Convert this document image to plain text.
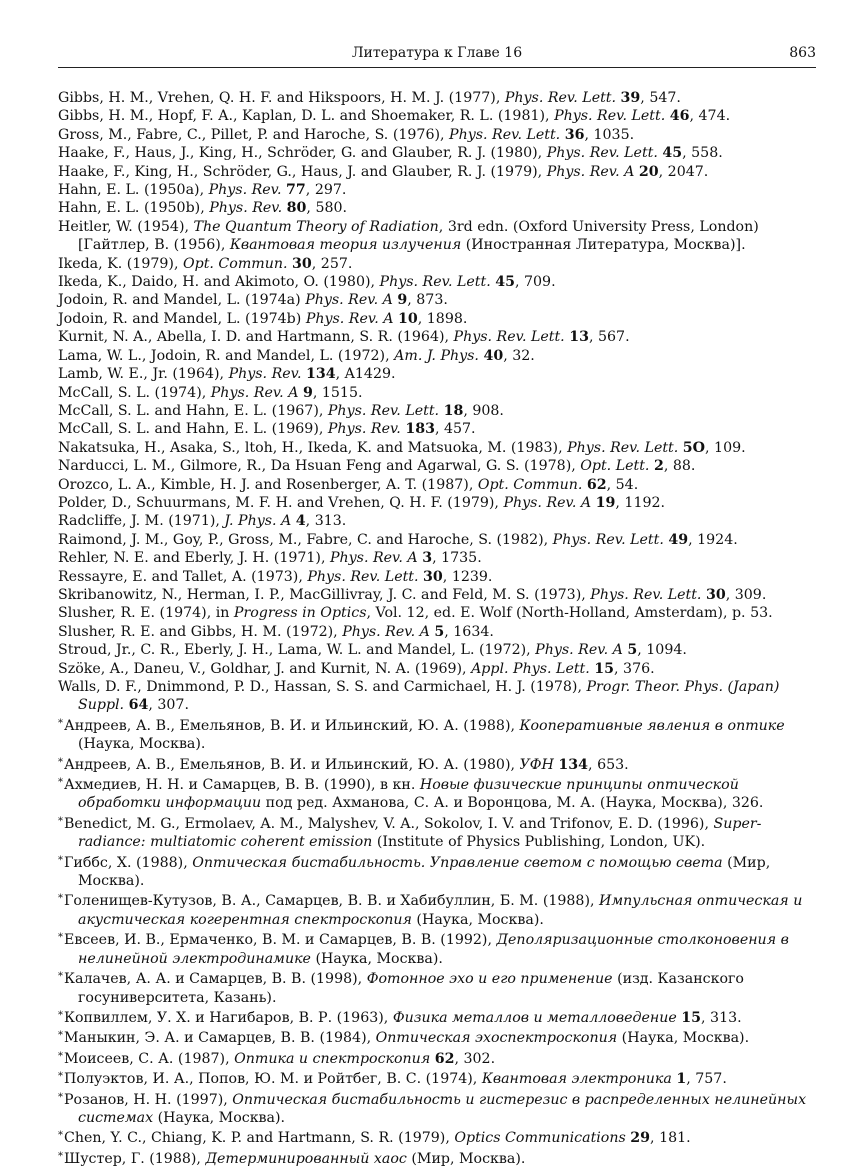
Литература к Главе 16	863

Gibbs, H. M., Vrehen, Q. H. F. and Hikspoors, H. M. J. (1977), Phys. Rev. Lett. 39, 547.

Gibbs, H. M., Hopf, F. A., Kaplan, D. L. and Shoemaker, R. L. (1981), Phys. Rev. Lett. 46, 474.

Gross, M., Fabre, C., Pillet, P. and Haroche, S. (1976), Phys. Rev. Lett. 36, 1035.

Haake, F., Haus, J., King, H., Schröder, G. and Glauber, R. J. (1980), Phys. Rev. Lett. 45, 558.

Haake, F., King, H., Schröder, G., Haus, J. and Glauber, R. J. (1979), Phys. Rev. A 20, 2047.

Hahn, E. L. (1950a), Phys. Rev. 77, 297.

Hahn, E. L. (1950b), Phys. Rev. 80, 580.

Heitler, W. (1954), The Quantum Theory of Radiation, 3rd edn. (Oxford University Press, London) [Гайтлер, В. (1956), Квантовая теория излучения (Иностранная Литература, Москва)].

Ikeda, K. (1979), Opt. Commun. 30, 257.

Ikeda, K., Daido, H. and Akimoto, O. (1980), Phys. Rev. Lett. 45, 709.

Jodoin, R. and Mandel, L. (1974a) Phys. Rev. A 9, 873.

Jodoin, R. and Mandel, L. (1974b) Phys. Rev. A 10, 1898.

Kurnit, N. A., Abella, I. D. and Hartmann, S. R. (1964), Phys. Rev. Lett. 13, 567.

Lama, W. L., Jodoin, R. and Mandel, L. (1972), Am. J. Phys. 40, 32.

Lamb, W. E., Jr. (1964), Phys. Rev. 134, A1429.

McCall, S. L. (1974), Phys. Rev. A 9, 1515.

McCall, S. L. and Hahn, E. L. (1967), Phys. Rev. Lett. 18, 908.

McCall, S. L. and Hahn, E. L. (1969), Phys. Rev. 183, 457.

Nakatsuka, H., Asaka, S., ltoh, H., Ikeda, K. and Matsuoka, M. (1983), Phys. Rev. Lett. 5O, 109.

Narducci, L. M., Gilmore, R., Da Hsuan Feng and Agarwal, G. S. (1978), Opt. Lett. 2, 88.

Orozco, L. A., Kimble, H. J. and Rosenberger, A. T. (1987), Opt. Commun. 62, 54.

Polder, D., Schuurmans, M. F. H. and Vrehen, Q. H. F. (1979), Phys. Rev. A 19, 1192.

Radcliffe, J. M. (1971), J. Phys. A 4, 313.

Raimond, J. M., Goy, P., Gross, M., Fabre, C. and Haroche, S. (1982), Phys. Rev. Lett. 49, 1924.

Rehler, N. E. and Eberly, J. H. (1971), Phys. Rev. A 3, 1735.

Ressayre, E. and Tallet, A. (1973), Phys. Rev. Lett. 30, 1239.

Skribanowitz, N., Herman, I. P., MacGillivray, J. C. and Feld, M. S. (1973), Phys. Rev. Lett. 30, 309.

Slusher, R. E. (1974), in Progress in Optics, Vol. 12, ed. E. Wolf (North-Holland, Amsterdam), p. 53.

Slusher, R. E. and Gibbs, H. M. (1972), Phys. Rev. A 5, 1634.

Stroud, Jr., C. R., Eberly, J. H., Lama, W. L. and Mandel, L. (1972), Phys. Rev. A 5, 1094.

Szöke, A., Daneu, V., Goldhar, J. and Kurnit, N. A. (1969), Appl. Phys. Lett. 15, 376.

Walls, D. F., Dnimmond, P. D., Hassan, S. S. and Carmichael, H. J. (1978), Progr. Theor. Phys. (Japan) Suppl. 64, 307.

*Андреев, А. В., Емельянов, В. И. и Ильинский, Ю. А. (1988), Кооперативные явления в оптике (Наука, Москва).

*Андреев, А. В., Емельянов, В. И. и Ильинский, Ю. А. (1980), УФН 134, 653.

*Ахмедиев, Н. Н. и Самарцев, В. В. (1990), в кн. Новые физические принципы оптической обработки информации под ред. Ахманова, С. А. и Воронцова, М. А. (Наука, Москва), 326.

*Benedict, M. G., Ermolaev, A. M., Malyshev, V. A., Sokolov, I. V. and Trifonov, E. D. (1996), Super-radiance: multiatomic coherent emission (Institute of Physics Publishing, London, UK).

*Гиббс, Х. (1988), Оптическая бистабильность. Управление светом с помощью света (Мир, Москва).

*Голенищев-Кутузов, В. А., Самарцев, В. В. и Хабибуллин, Б. М. (1988), Импульсная оптическая и акустическая когерентная спектроскопия (Наука, Москва).

*Евсеев, И. В., Ермаченко, В. М. и Самарцев, В. В. (1992), Деполяризационные столконовения в нелинейной электродинамике (Наука, Москва).

*Калачев, А. А. и Самарцев, В. В. (1998), Фотонное эхо и его применение (изд. Казанского госуниверситета, Казань).

*Копвиллем, У. Х. и Нагибаров, В. Р. (1963), Физика металлов и металловедение 15, 313.

*Маныкин, Э. А. и Самарцев, В. В. (1984), Оптическая эхоспектроскопия (Наука, Москва).

*Моисеев, С. А. (1987), Оптика и спектроскопия 62, 302.

*Полуэктов, И. А., Попов, Ю. М. и Ройтбег, В. С. (1974), Квантовая электроника 1, 757.

*Розанов, Н. Н. (1997), Оптическая бистабильность и гистерезис в распределенных нелинейных системах (Наука, Москва).

*Chen, Y. C., Chiang, K. P. and Hartmann, S. R. (1979), Optics Communications 29, 181.

*Шустер, Г. (1988), Детерминированный хаос (Мир, Москва).
